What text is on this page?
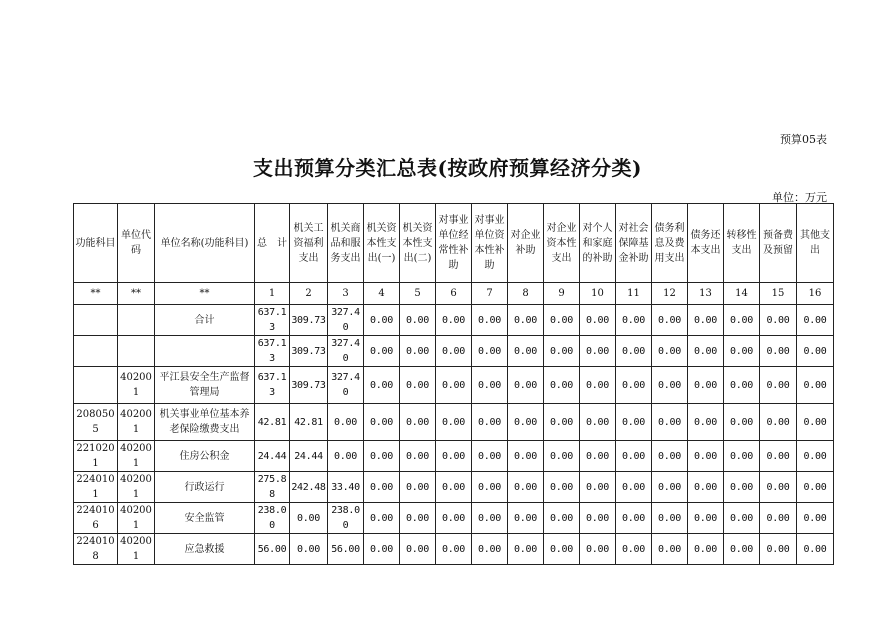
预算05表
支出预算分类汇总表(按政府预算经济分类)
单位：万元
功能科目	单位代码	单位名称(功能科目)	总　计	机关工资福利支出	机关商品和服务支出	机关资本性支出(一)	机关资本性支出(二)	对事业单位经常性补助	对事业单位资本性补助	对企业补助	对企业资本性支出	对个人和家庭的补助	对社会保障基金补助	债务利息及费用支出	债务还本支出	转移性支出	预备费及预留	其他支出
**	**	**	1	2	3	4	5	6	7	8	9	10	11	12	13	14	15	16
		合计	637.13	309.73	327.40	0.00	0.00	0.00	0.00	0.00	0.00	0.00	0.00	0.00	0.00	0.00	0.00	0.00
			637.13	309.73	327.40	0.00	0.00	0.00	0.00	0.00	0.00	0.00	0.00	0.00	0.00	0.00	0.00	0.00
	402001	平江县安全生产监督管理局	637.13	309.73	327.40	0.00	0.00	0.00	0.00	0.00	0.00	0.00	0.00	0.00	0.00	0.00	0.00	0.00
2080505	402001	机关事业单位基本养老保险缴费支出	42.81	42.81	0.00	0.00	0.00	0.00	0.00	0.00	0.00	0.00	0.00	0.00	0.00	0.00	0.00	0.00
2210201	402001	住房公积金	24.44	24.44	0.00	0.00	0.00	0.00	0.00	0.00	0.00	0.00	0.00	0.00	0.00	0.00	0.00	0.00
2240101	402001	行政运行	275.88	242.48	33.40	0.00	0.00	0.00	0.00	0.00	0.00	0.00	0.00	0.00	0.00	0.00	0.00	0.00
2240106	402001	安全监管	238.00	0.00	238.00	0.00	0.00	0.00	0.00	0.00	0.00	0.00	0.00	0.00	0.00	0.00	0.00	0.00
2240108	402001	应急救援	56.00	0.00	56.00	0.00	0.00	0.00	0.00	0.00	0.00	0.00	0.00	0.00	0.00	0.00	0.00	0.00
